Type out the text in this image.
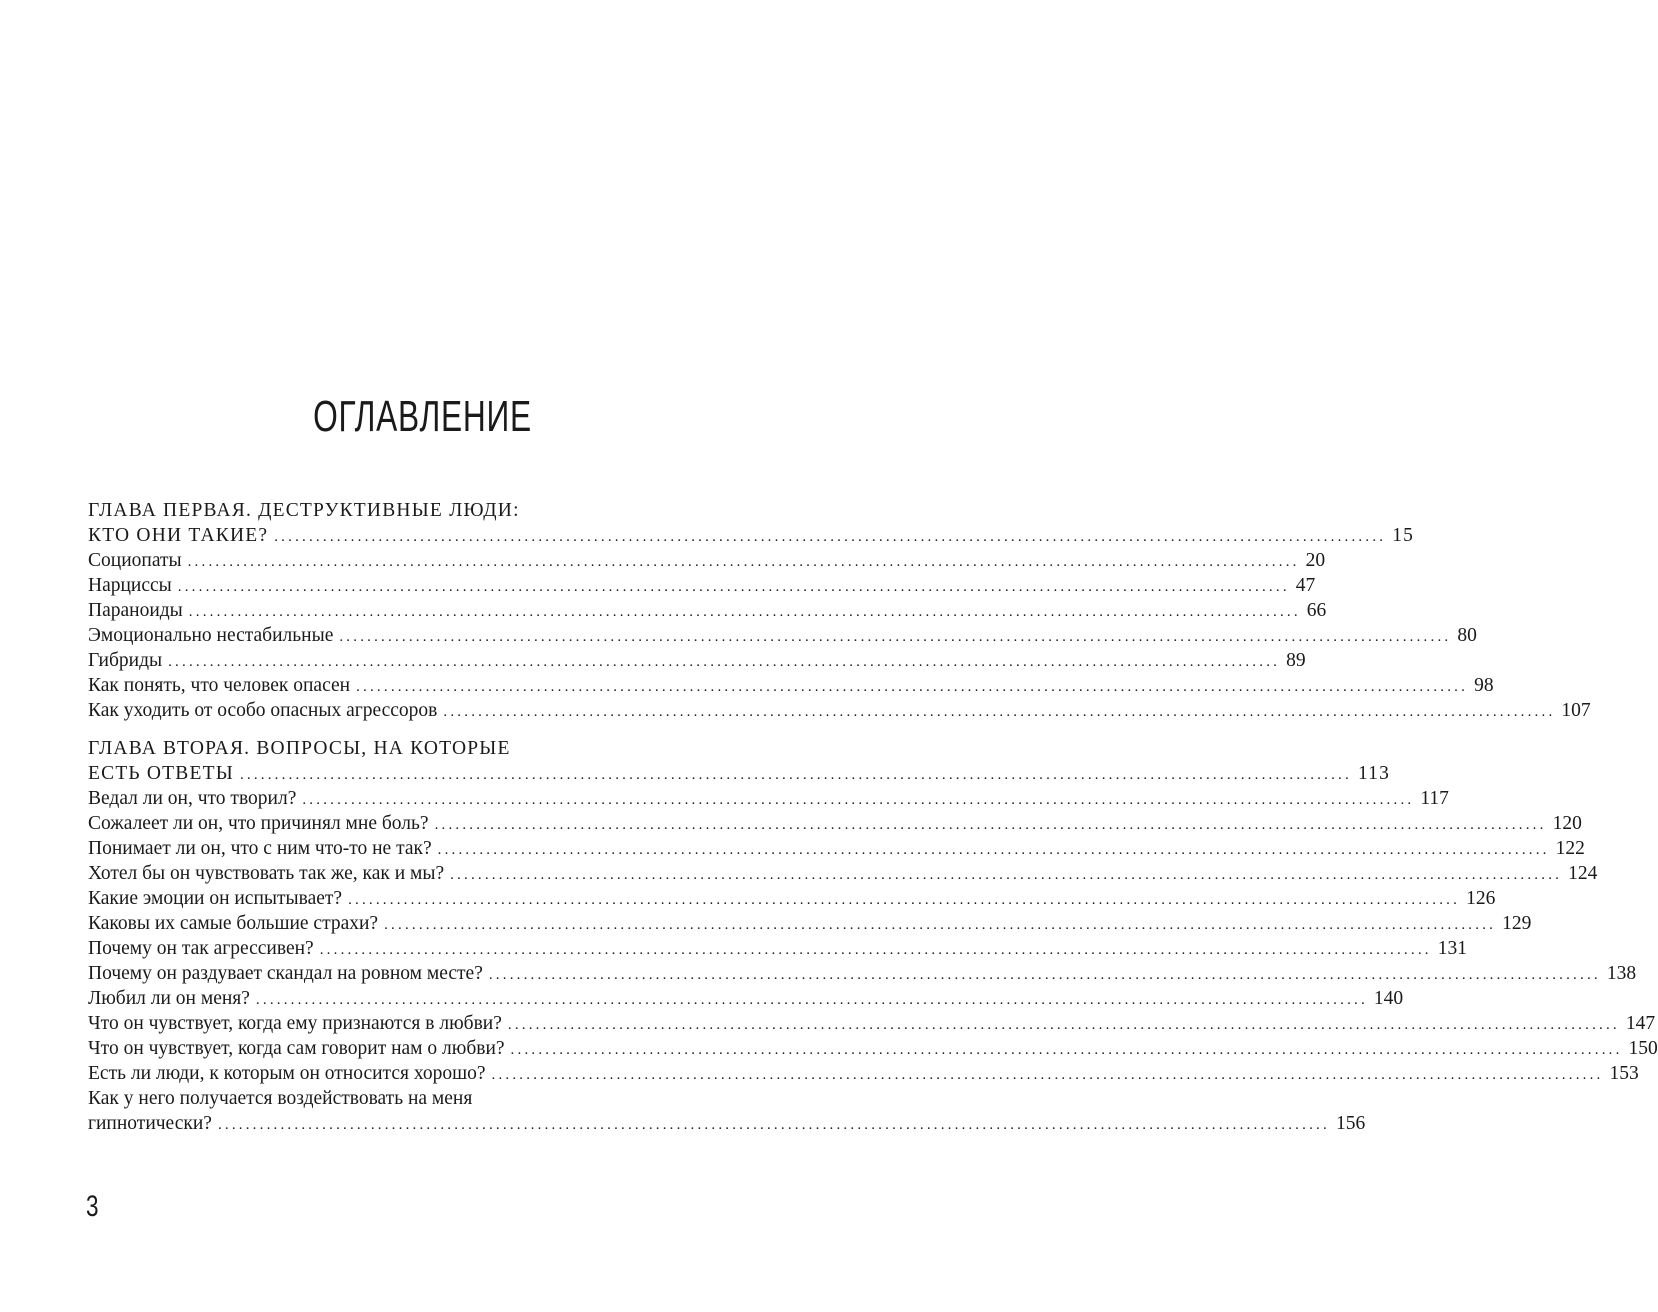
ОГЛАВЛЕНИЕ
ГЛАВА ПЕРВАЯ. ДЕСТРУКТИВНЫЕ ЛЮДИ:
КТО ОНИ ТАКИЕ? ................................................................................................................................................................ 15
Социопаты ................................................................................................................................................................ 20
Нарциссы ................................................................................................................................................................ 47
Параноиды ................................................................................................................................................................ 66
Эмоционально нестабильные ................................................................................................................................................................ 80
Гибриды ................................................................................................................................................................ 89
Как понять, что человек опасен ................................................................................................................................................................ 98
Как уходить от особо опасных агрессоров ................................................................................................................................................................ 107
ГЛАВА ВТОРАЯ. ВОПРОСЫ, НА КОТОРЫЕ
ЕСТЬ ОТВЕТЫ ................................................................................................................................................................ 113
Ведал ли он, что творил? ................................................................................................................................................................ 117
Сожалеет ли он, что причинял мне боль? ................................................................................................................................................................ 120
Понимает ли он, что с ним что-то не так? ................................................................................................................................................................ 122
Хотел бы он чувствовать так же, как и мы? ................................................................................................................................................................ 124
Какие эмоции он испытывает? ................................................................................................................................................................ 126
Каковы их самые большие страхи? ................................................................................................................................................................ 129
Почему он так агрессивен? ................................................................................................................................................................ 131
Почему он раздувает скандал на ровном месте? ................................................................................................................................................................ 138
Любил ли он меня? ................................................................................................................................................................ 140
Что он чувствует, когда ему признаются в любви? ................................................................................................................................................................ 147
Что он чувствует, когда сам говорит нам о любви? ................................................................................................................................................................ 150
Есть ли люди, к которым он относится хорошо? ................................................................................................................................................................ 153
Как у него получается воздействовать на меня
гипнотически? ................................................................................................................................................................ 156
3
